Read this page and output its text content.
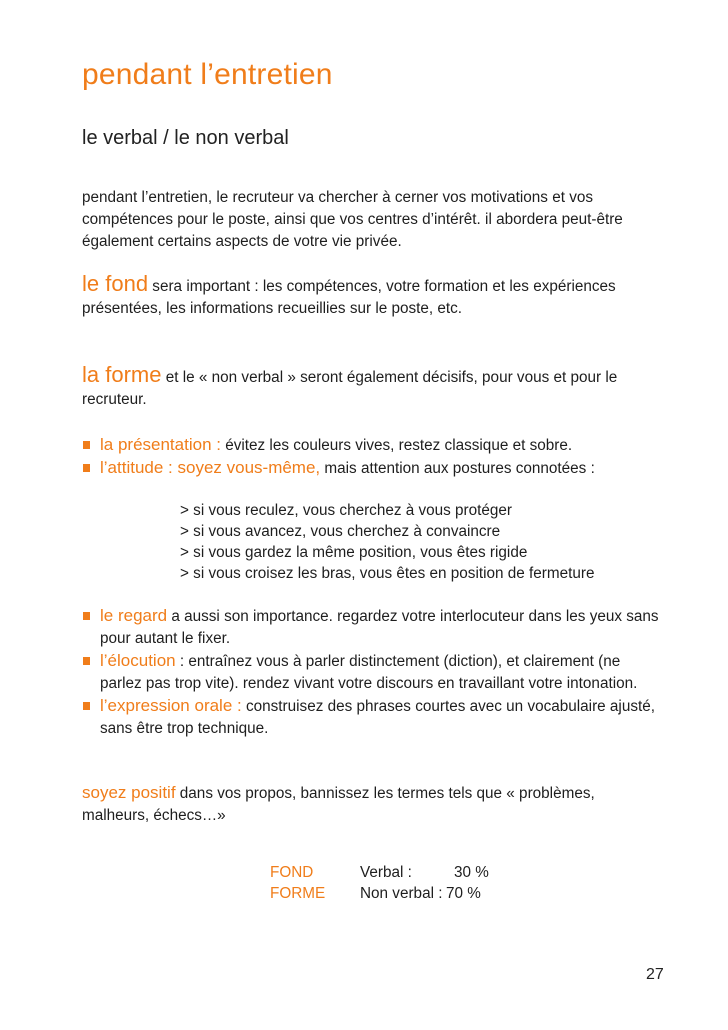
pendant l’entretien
le verbal / le non verbal
pendant l’entretien, le recruteur va chercher à cerner vos motivations et vos compétences pour le poste, ainsi que vos centres d’intérêt. il abordera peut-être également certains aspects de votre vie privée.
le fond sera important : les compétences, votre formation et les expériences présentées, les informations recueillies sur le poste, etc.
la forme et le « non verbal » seront également décisifs, pour vous et pour le recruteur.
la présentation : évitez les couleurs vives, restez classique et sobre.
l’attitude : soyez vous-même, mais attention aux postures connotées :
> si vous reculez, vous cherchez à vous protéger
> si vous avancez, vous cherchez à convaincre
> si vous gardez la même position, vous êtes rigide
> si vous croisez les bras, vous êtes en position de fermeture
le regard a aussi son importance. regardez votre interlocuteur dans les yeux sans pour autant le fixer.
l’élocution : entraînez vous à parler distinctement (diction), et clairement (ne parlez pas trop vite). rendez vivant votre discours en travaillant votre intonation.
l’expression orale : construisez des phrases courtes avec un vocabulaire ajusté, sans être trop technique.
soyez positif dans vos propos, bannissez les termes tels que « problèmes, malheurs, échecs…»
FOND	Verbal :	30 %
FORME	Non verbal : 70 %
27
